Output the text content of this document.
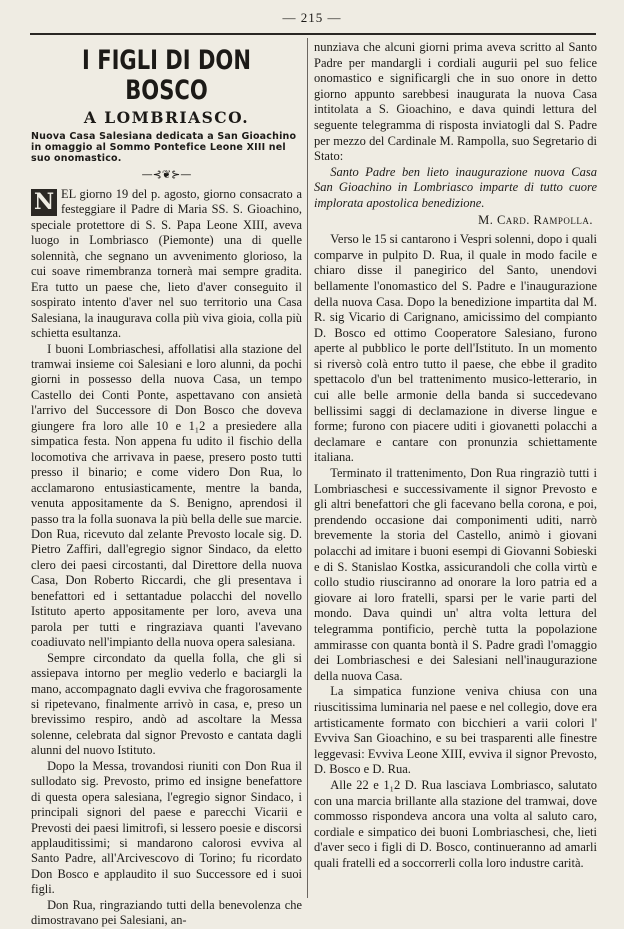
— 215 —
I FIGLI DI DON BOSCO
A LOMBRIASCO.
Nuova Casa Salesiana dedicata a San Gioachino in omaggio al Sommo Pontefice Leone XIII nel suo onomastico.
—⊰❦⊱—
N EL giorno 19 del p. agosto, giorno consacrato a festeggiare il Padre di Maria SS. S. Gioachino, speciale protettore di S. S. Papa Leone XIII, aveva luogo in Lombriasco (Piemonte) una di quelle solennità, che segnano un avvenimento glorioso, la cui soave rimembranza tornerà mai sempre gradita. Era tutto un paese che, lieto d'aver conseguito il sospirato intento d'aver nel suo territorio una Casa Salesiana, la inaugurava colla più viva gioia, colla più schietta esultanza.

I buoni Lombriaschesi, affollatisi alla stazione del tramwai insieme coi Salesiani e loro alunni, da pochi giorni in possesso della nuova Casa, un tempo Castello dei Conti Ponte, aspettavano con ansietà l'arrivo del Successore di Don Bosco che doveva giungere fra loro alle 10 e 1₁2 a presiedere alla simpatica festa. Non appena fu udito il fischio della locomotiva che arrivava in paese, presero posto tutti presso il binario; e come videro Don Rua, lo acclamarono entusiasticamente, mentre la banda, venuta appositamente da S. Benigno, aprendosi il passo tra la folla suonava la più bella delle sue marcie. Don Rua, ricevuto dal zelante Prevosto locale sig. D. Pietro Zaffiri, dall'egregio signor Sindaco, da eletto clero dei paesi circostanti, dal Direttore della nuova Casa, Don Roberto Riccardi, che gli presentava i benefattori ed i settantadue polacchi del novello Istituto aperto appositamente per loro, aveva una parola per tutti e ringraziava quanti l'avevano coadiuvato nell'impianto della nuova opera salesiana.

Sempre circondato da quella folla, che gli si assiepava intorno per meglio vederlo e baciargli la mano, accompagnato dagli evviva che fragorosamente si ripetevano, finalmente arrivò in casa, e, preso un brevissimo respiro, andò ad ascoltare la Messa solenne, celebrata dal signor Prevosto e cantata dagli alunni del nuovo Istituto.

Dopo la Messa, trovandosi riuniti con Don Rua il sullodato sig. Prevosto, primo ed insigne benefattore di questa opera salesiana, l'egregio signor Sindaco, i principali signori del paese e parecchi Vicarii e Prevosti dei paesi limitrofi, si lessero poesie e discorsi applauditissimi; si mandarono calorosi evviva al Santo Padre, all'Arcivescovo di Torino; fu ricordato Don Bosco e applaudito il suo Successore ed i suoi figli.

Don Rua, ringraziando tutti della benevolenza che dimostravano pei Salesiani, an-

nunziava che alcuni giorni prima aveva scritto al Santo Padre per mandargli i cordiali augurii pel suo felice onomastico e significargli che in suo onore in detto giorno appunto sarebbesi inaugurata la nuova Casa intitolata a S. Gioachino, e dava quindi lettura del seguente telegramma di risposta inviatogli dal S. Padre per mezzo del Cardinale M. Rampolla, suo Segretario di Stato:

Santo Padre ben lieto inaugurazione nuova Casa San Gioachino in Lombriasco imparte di tutto cuore implorata apostolica benedizione.

M. Card. Rampolla.

Verso le 15 si cantarono i Vespri solenni, dopo i quali comparve in pulpito D. Rua, il quale in modo facile e chiaro disse il panegirico del Santo, unendovi bellamente l'onomastico del S. Padre e l'inaugurazione della nuova Casa. Dopo la benedizione impartita dal M. R. sig Vicario di Carignano, amicissimo del compianto D. Bosco ed ottimo Cooperatore Salesiano, furono aperte al pubblico le porte dell'Istituto. In un momento si riversò colà entro tutto il paese, che ebbe il gradito spettacolo d'un bel trattenimento musico-letterario, in cui alle belle armonie della banda si succedevano bellissimi saggi di declamazione in diverse lingue e forme; furono con piacere uditi i giovanetti polacchi a declamare e cantare con pronunzia schiettamente italiana.

Terminato il trattenimento, Don Rua ringraziò tutti i Lombriaschesi e successivamente il signor Prevosto e gli altri benefattori che gli facevano bella corona, e poi, prendendo occasione dai componimenti uditi, narrò brevemente la storia del Castello, animò i giovani polacchi ad imitare i buoni esempi di Giovanni Sobieski e di S. Stanislao Kostka, assicurandoli che colla virtù e collo studio riusciranno ad onorare la loro patria ed a giovare ai loro fratelli, sparsi per le varie parti del mondo. Dava quindi un' altra volta lettura del telegramma pontificio, perchè tutta la popolazione ammirasse con quanta bontà il S. Padre gradì l'omaggio dei Lombriaschesi e dei Salesiani nell'inaugurazione della nuova Casa.

La simpatica funzione veniva chiusa con una riuscitissima luminaria nel paese e nel collegio, dove era artisticamente formato con bicchieri a varii colori l' Evviva San Gioachino, e su bei trasparenti alle finestre leggevasi: Evviva Leone XIII, evviva il signor Prevosto, D. Bosco e D. Rua.

Alle 22 e 1₁2 D. Rua lasciava Lombriasco, salutato con una marcia brillante alla stazione del tramwai, dove commosso rispondeva ancora una volta al saluto caro, cordiale e simpatico dei buoni Lombriaschesi, che, lieti d'aver seco i figli di D. Bosco, continueranno ad amarli quali fratelli ed a soccorrerli colla loro industre carità.
